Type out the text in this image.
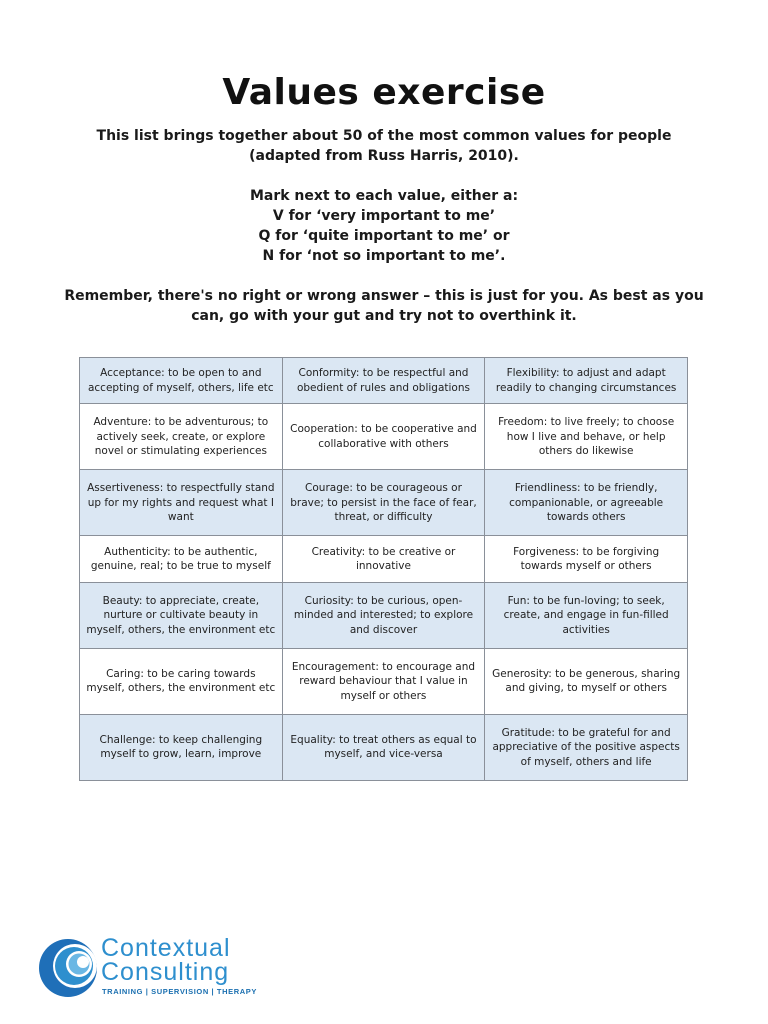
Values exercise

This list brings together about 50 of the most common values for people (adapted from Russ Harris, 2010).

Mark next to each value, either a:

V for ‘very important to me’

Q for ‘quite important to me’ or

N for ‘not so important to me’.

Remember, there's no right or wrong answer – this is just for you. As best as you can, go with your gut and try not to overthink it.

Acceptance: to be open to and accepting of myself, others, life etc	Conformity: to be respectful and obedient of rules and obligations	Flexibility: to adjust and adapt readily to changing circumstances
Adventure: to be adventurous; to actively seek, create, or explore novel or stimulating experiences	Cooperation: to be cooperative and collaborative with others	Freedom: to live freely; to choose how I live and behave, or help others do likewise
Assertiveness: to respectfully stand up for my rights and request what I want	Courage: to be courageous or brave; to persist in the face of fear, threat, or difficulty	Friendliness: to be friendly, companionable, or agreeable towards others
Authenticity: to be authentic, genuine, real; to be true to myself	Creativity: to be creative or innovative	Forgiveness: to be forgiving towards myself or others
Beauty: to appreciate, create, nurture or cultivate beauty in myself, others, the environment etc	Curiosity: to be curious, open-minded and interested; to explore and discover	Fun: to be fun-loving; to seek, create, and engage in fun-filled activities
Caring: to be caring towards myself, others, the environment etc	Encouragement: to encourage and reward behaviour that I value in myself or others	Generosity: to be generous, sharing and giving, to myself or others
Challenge: to keep challenging myself to grow, learn, improve	Equality: to treat others as equal to myself, and vice-versa	Gratitude: to be grateful for and appreciative of the positive aspects of myself, others and life
Contextual
Consulting
TRAINING | SUPERVISION | THERAPY
